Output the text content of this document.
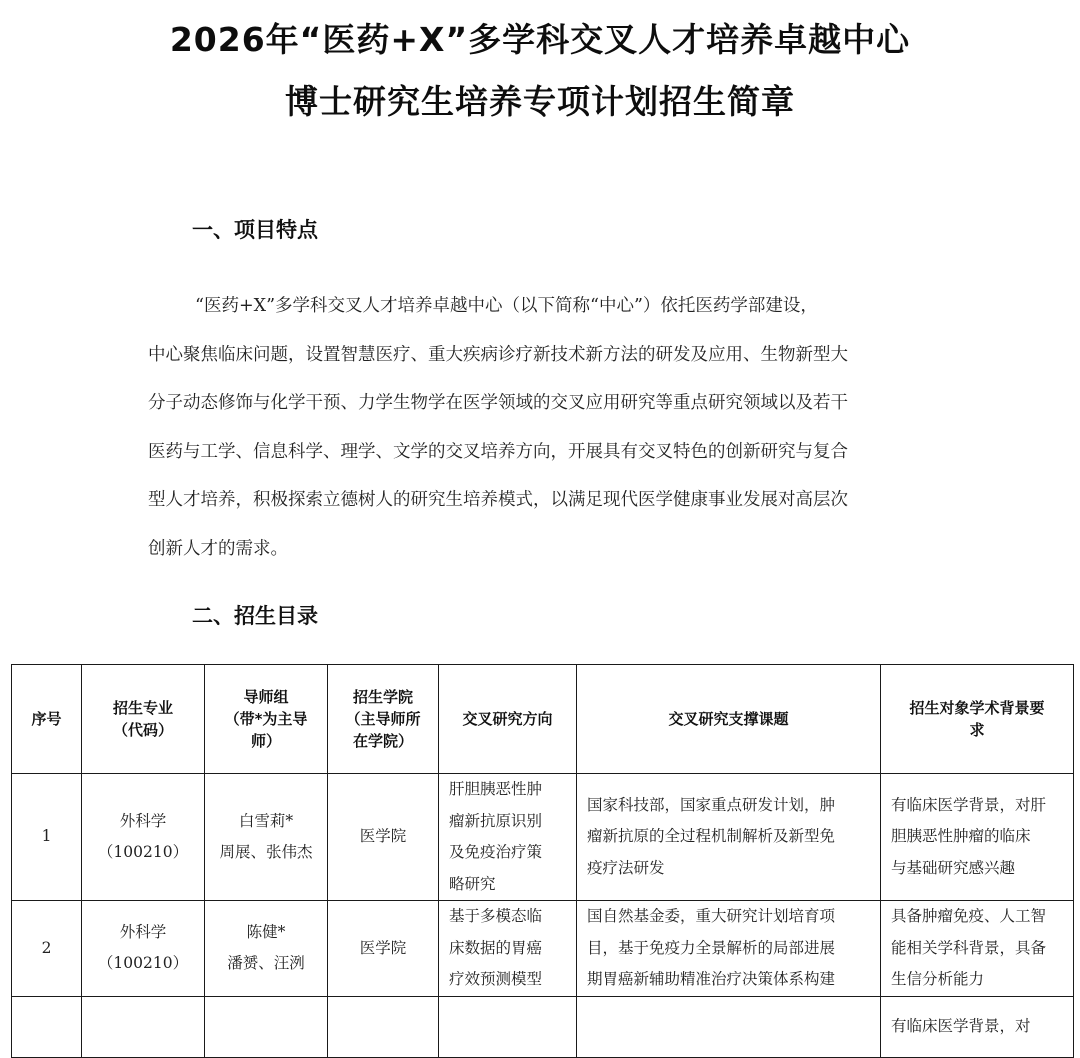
2026年“医药+X”多学科交叉人才培养卓越中心
博士研究生培养专项计划招生简章
一、项目特点

“医药+X”多学科交叉人才培养卓越中心（以下简称“中心”）依托医药学部建设，

中心聚焦临床问题，设置智慧医疗、重大疾病诊疗新技术新方法的研发及应用、生物新型大

分子动态修饰与化学干预、力学生物学在医学领域的交叉应用研究等重点研究领域以及若干

医药与工学、信息科学、理学、文学的交叉培养方向，开展具有交叉特色的创新研究与复合

型人才培养，积极探索立德树人的研究生培养模式，以满足现代医学健康事业发展对高层次

创新人才的需求。

二、招生目录
序号	招生专业
（代码）	导师组
（带*为主导
师）	招生学院
（主导师所
在学院）	交叉研究方向	交叉研究支撑课题	招生对象学术背景要
求

1	外科学
（100210）	白雪莉*
周展、张伟杰	医学院	肝胆胰恶性肿
瘤新抗原识别
及免疫治疗策
略研究	国家科技部，国家重点研发计划，肿
瘤新抗原的全过程机制解析及新型免
疫疗法研发	有临床医学背景，对肝
胆胰恶性肿瘤的临床
与基础研究感兴趣

2	外科学
（100210）	陈健*
潘赟、汪洌	医学院	基于多模态临
床数据的胃癌
疗效预测模型	国自然基金委，重大研究计划培育项
目，基于免疫力全景解析的局部进展
期胃癌新辅助精准治疗决策体系构建	具备肿瘤免疫、人工智
能相关学科背景，具备
生信分析能力

						有临床医学背景，对
